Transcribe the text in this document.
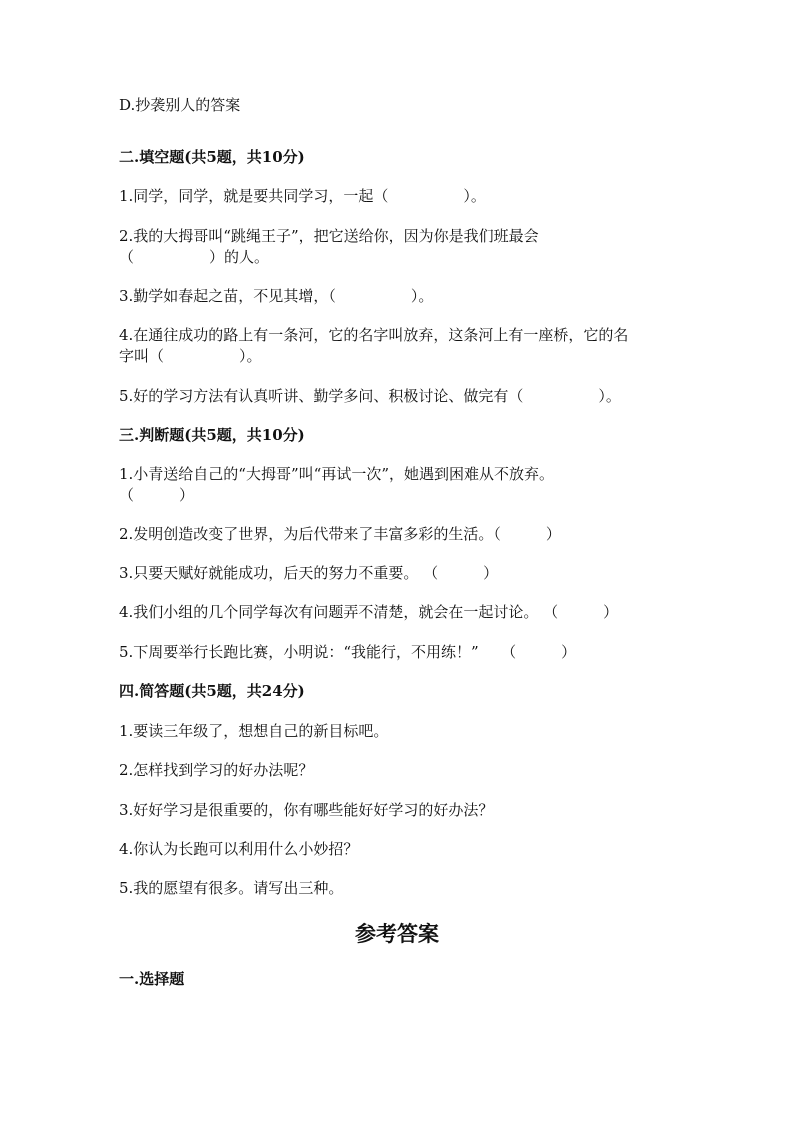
D.抄袭别人的答案
二.填空题(共5题，共10分)
1.同学，同学，就是要共同学习，一起（　　　　　）。
2.我的大拇哥叫“跳绳王子”，把它送给你，因为你是我们班最会
（　　　　　）的人。
3.勤学如春起之苗，不见其增，（　　　　　）。
4.在通往成功的路上有一条河，它的名字叫放弃，这条河上有一座桥，它的名
字叫（　　　　　）。
5.好的学习方法有认真听讲、勤学多问、积极讨论、做完有（　　　　　）。
三.判断题(共5题，共10分)
1.小青送给自己的“大拇哥”叫“再试一次”，她遇到困难从不放弃。
（　　　）
2.发明创造改变了世界，为后代带来了丰富多彩的生活。（　　　）
3.只要天赋好就能成功，后天的努力不重要。 （　　　）
4.我们小组的几个同学每次有问题弄不清楚，就会在一起讨论。 （　　　）
5.下周要举行长跑比赛，小明说：“我能行，不用练！”　　（　　　）
四.简答题(共5题，共24分)
1.要读三年级了，想想自己的新目标吧。
2.怎样找到学习的好办法呢？
3.好好学习是很重要的，你有哪些能好好学习的好办法？
4.你认为长跑可以利用什么小妙招？
5.我的愿望有很多。请写出三种。
参考答案
一.选择题
